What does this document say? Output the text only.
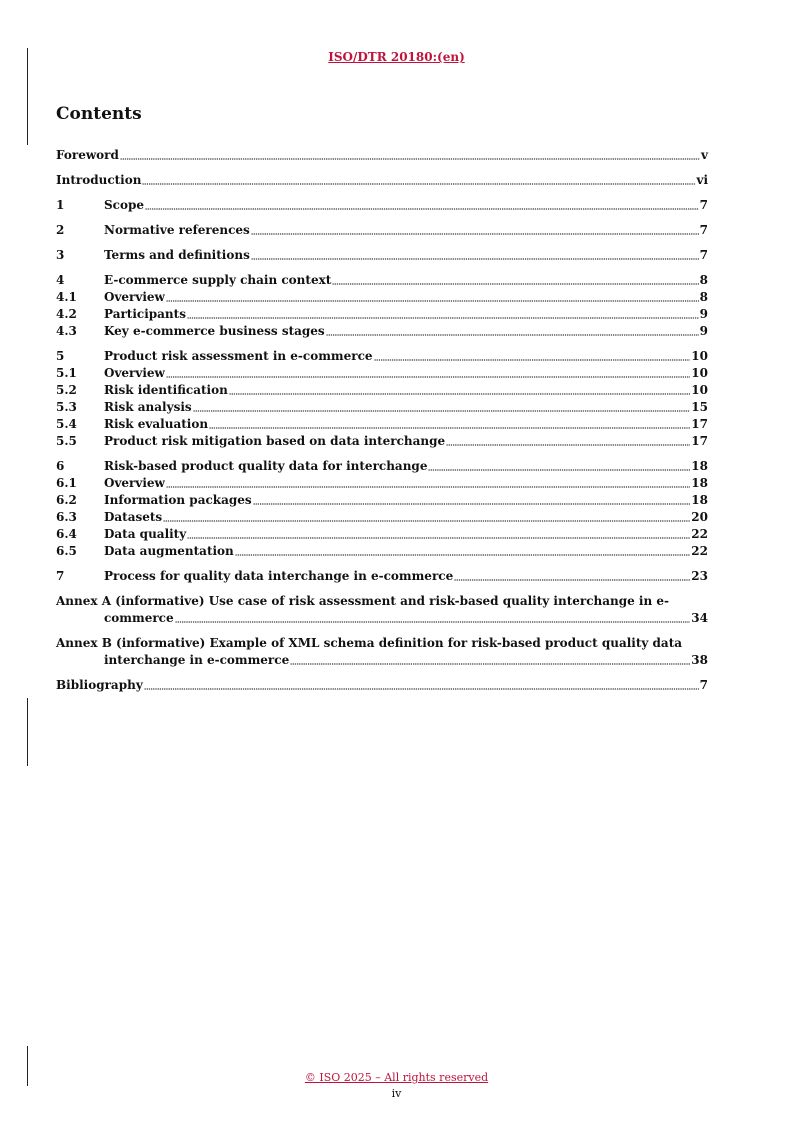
ISO/DTR 20180:(en)
Contents
Foreword	v
Introduction	vi
1	Scope	7
2	Normative references	7
3	Terms and definitions	7
4	E-commerce supply chain context	8
4.1	Overview	8
4.2	Participants	9
4.3	Key e-commerce business stages	9
5	Product risk assessment in e-commerce	10
5.1	Overview	10
5.2	Risk identification	10
5.3	Risk analysis	15
5.4	Risk evaluation	17
5.5	Product risk mitigation based on data interchange	17
6	Risk-based product quality data for interchange	18
6.1	Overview	18
6.2	Information packages	18
6.3	Datasets	20
6.4	Data quality	22
6.5	Data augmentation	22
7	Process for quality data interchange in e-commerce	23
Annex A (informative) Use case of risk assessment and risk-based quality interchange in e-
commerce	34
Annex B (informative) Example of XML schema definition for risk-based product quality data
interchange in e-commerce	38
Bibliography	7
© ISO 2025 – All rights reserved
iv
